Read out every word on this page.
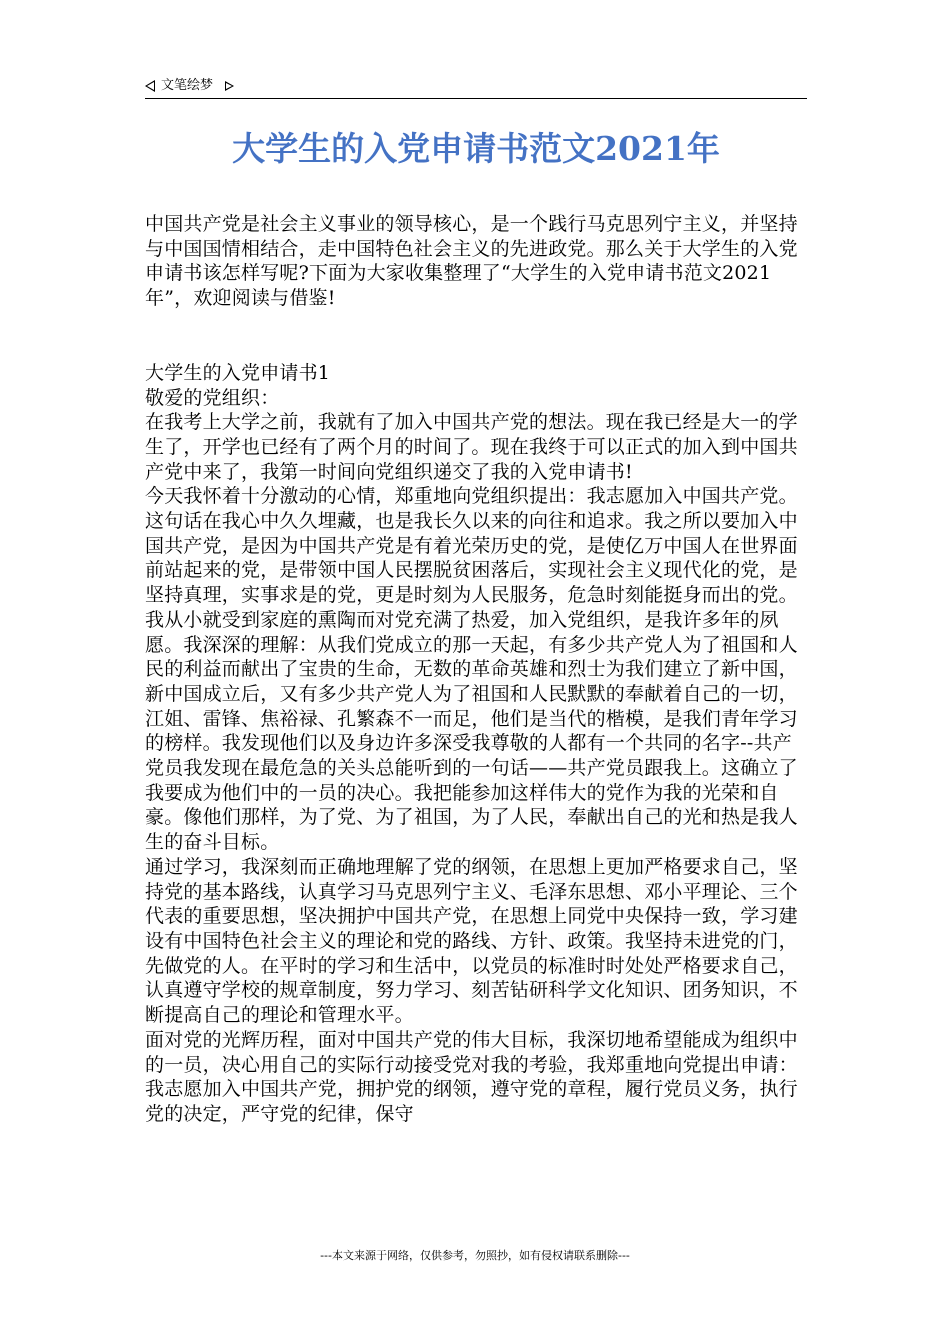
文笔绘梦
大学生的入党申请书范文2021年

中国共产党是社会主义事业的领导核心，是一个践行马克思列宁主义，并坚持与中国国情相结合，走中国特色社会主义的先进政党。那么关于大学生的入党申请书该怎样写呢?下面为大家收集整理了“大学生的入党申请书范文2021年”，欢迎阅读与借鉴!

大学生的入党申请书1

敬爱的党组织：

在我考上大学之前，我就有了加入中国共产党的想法。现在我已经是大一的学生了，开学也已经有了两个月的时间了。现在我终于可以正式的加入到中国共产党中来了，我第一时间向党组织递交了我的入党申请书!

今天我怀着十分激动的心情，郑重地向党组织提出：我志愿加入中国共产党。这句话在我心中久久埋藏，也是我长久以来的向往和追求。我之所以要加入中国共产党，是因为中国共产党是有着光荣历史的党，是使亿万中国人在世界面前站起来的党，是带领中国人民摆脱贫困落后，实现社会主义现代化的党，是坚持真理，实事求是的党，更是时刻为人民服务，危急时刻能挺身而出的党。

我从小就受到家庭的熏陶而对党充满了热爱，加入党组织，是我许多年的夙愿。我深深的理解：从我们党成立的那一天起，有多少共产党人为了祖国和人民的利益而献出了宝贵的生命，无数的革命英雄和烈士为我们建立了新中国，新中国成立后，又有多少共产党人为了祖国和人民默默的奉献着自己的一切，江姐、雷锋、焦裕禄、孔繁森不一而足，他们是当代的楷模，是我们青年学习的榜样。我发现他们以及身边许多深受我尊敬的人都有一个共同的名字--共产党员我发现在最危急的关头总能听到的一句话——共产党员跟我上。这确立了我要成为他们中的一员的决心。我把能参加这样伟大的党作为我的光荣和自豪。像他们那样，为了党、为了祖国，为了人民，奉献出自己的光和热是我人生的奋斗目标。

通过学习，我深刻而正确地理解了党的纲领，在思想上更加严格要求自己，坚持党的基本路线，认真学习马克思列宁主义、毛泽东思想、邓小平理论、三个代表的重要思想，坚决拥护中国共产党，在思想上同党中央保持一致，学习建设有中国特色社会主义的理论和党的路线、方针、政策。我坚持未进党的门，先做党的人。在平时的学习和生活中，以党员的标准时时处处严格要求自己，认真遵守学校的规章制度，努力学习、刻苦钻研科学文化知识、团务知识，不断提高自己的理论和管理水平。

面对党的光辉历程，面对中国共产党的伟大目标，我深切地希望能成为组织中的一员，决心用自己的实际行动接受党对我的考验，我郑重地向党提出申请：我志愿加入中国共产党，拥护党的纲领，遵守党的章程，履行党员义务，执行党的决定，严守党的纪律，保守

---本文来源于网络，仅供参考，勿照抄，如有侵权请联系删除---
